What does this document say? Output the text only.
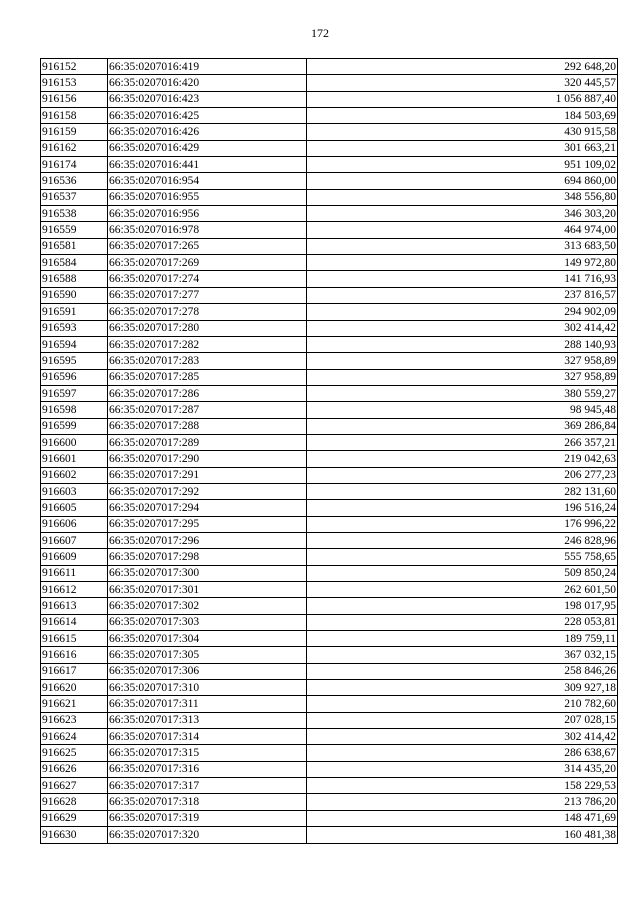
172
916152	66:35:0207016:419	292 648,20
916153	66:35:0207016:420	320 445,57
916156	66:35:0207016:423	1 056 887,40
916158	66:35:0207016:425	184 503,69
916159	66:35:0207016:426	430 915,58
916162	66:35:0207016:429	301 663,21
916174	66:35:0207016:441	951 109,02
916536	66:35:0207016:954	694 860,00
916537	66:35:0207016:955	348 556,80
916538	66:35:0207016:956	346 303,20
916559	66:35:0207016:978	464 974,00
916581	66:35:0207017:265	313 683,50
916584	66:35:0207017:269	149 972,80
916588	66:35:0207017:274	141 716,93
916590	66:35:0207017:277	237 816,57
916591	66:35:0207017:278	294 902,09
916593	66:35:0207017:280	302 414,42
916594	66:35:0207017:282	288 140,93
916595	66:35:0207017:283	327 958,89
916596	66:35:0207017:285	327 958,89
916597	66:35:0207017:286	380 559,27
916598	66:35:0207017:287	98 945,48
916599	66:35:0207017:288	369 286,84
916600	66:35:0207017:289	266 357,21
916601	66:35:0207017:290	219 042,63
916602	66:35:0207017:291	206 277,23
916603	66:35:0207017:292	282 131,60
916605	66:35:0207017:294	196 516,24
916606	66:35:0207017:295	176 996,22
916607	66:35:0207017:296	246 828,96
916609	66:35:0207017:298	555 758,65
916611	66:35:0207017:300	509 850,24
916612	66:35:0207017:301	262 601,50
916613	66:35:0207017:302	198 017,95
916614	66:35:0207017:303	228 053,81
916615	66:35:0207017:304	189 759,11
916616	66:35:0207017:305	367 032,15
916617	66:35:0207017:306	258 846,26
916620	66:35:0207017:310	309 927,18
916621	66:35:0207017:311	210 782,60
916623	66:35:0207017:313	207 028,15
916624	66:35:0207017:314	302 414,42
916625	66:35:0207017:315	286 638,67
916626	66:35:0207017:316	314 435,20
916627	66:35:0207017:317	158 229,53
916628	66:35:0207017:318	213 786,20
916629	66:35:0207017:319	148 471,69
916630	66:35:0207017:320	160 481,38
